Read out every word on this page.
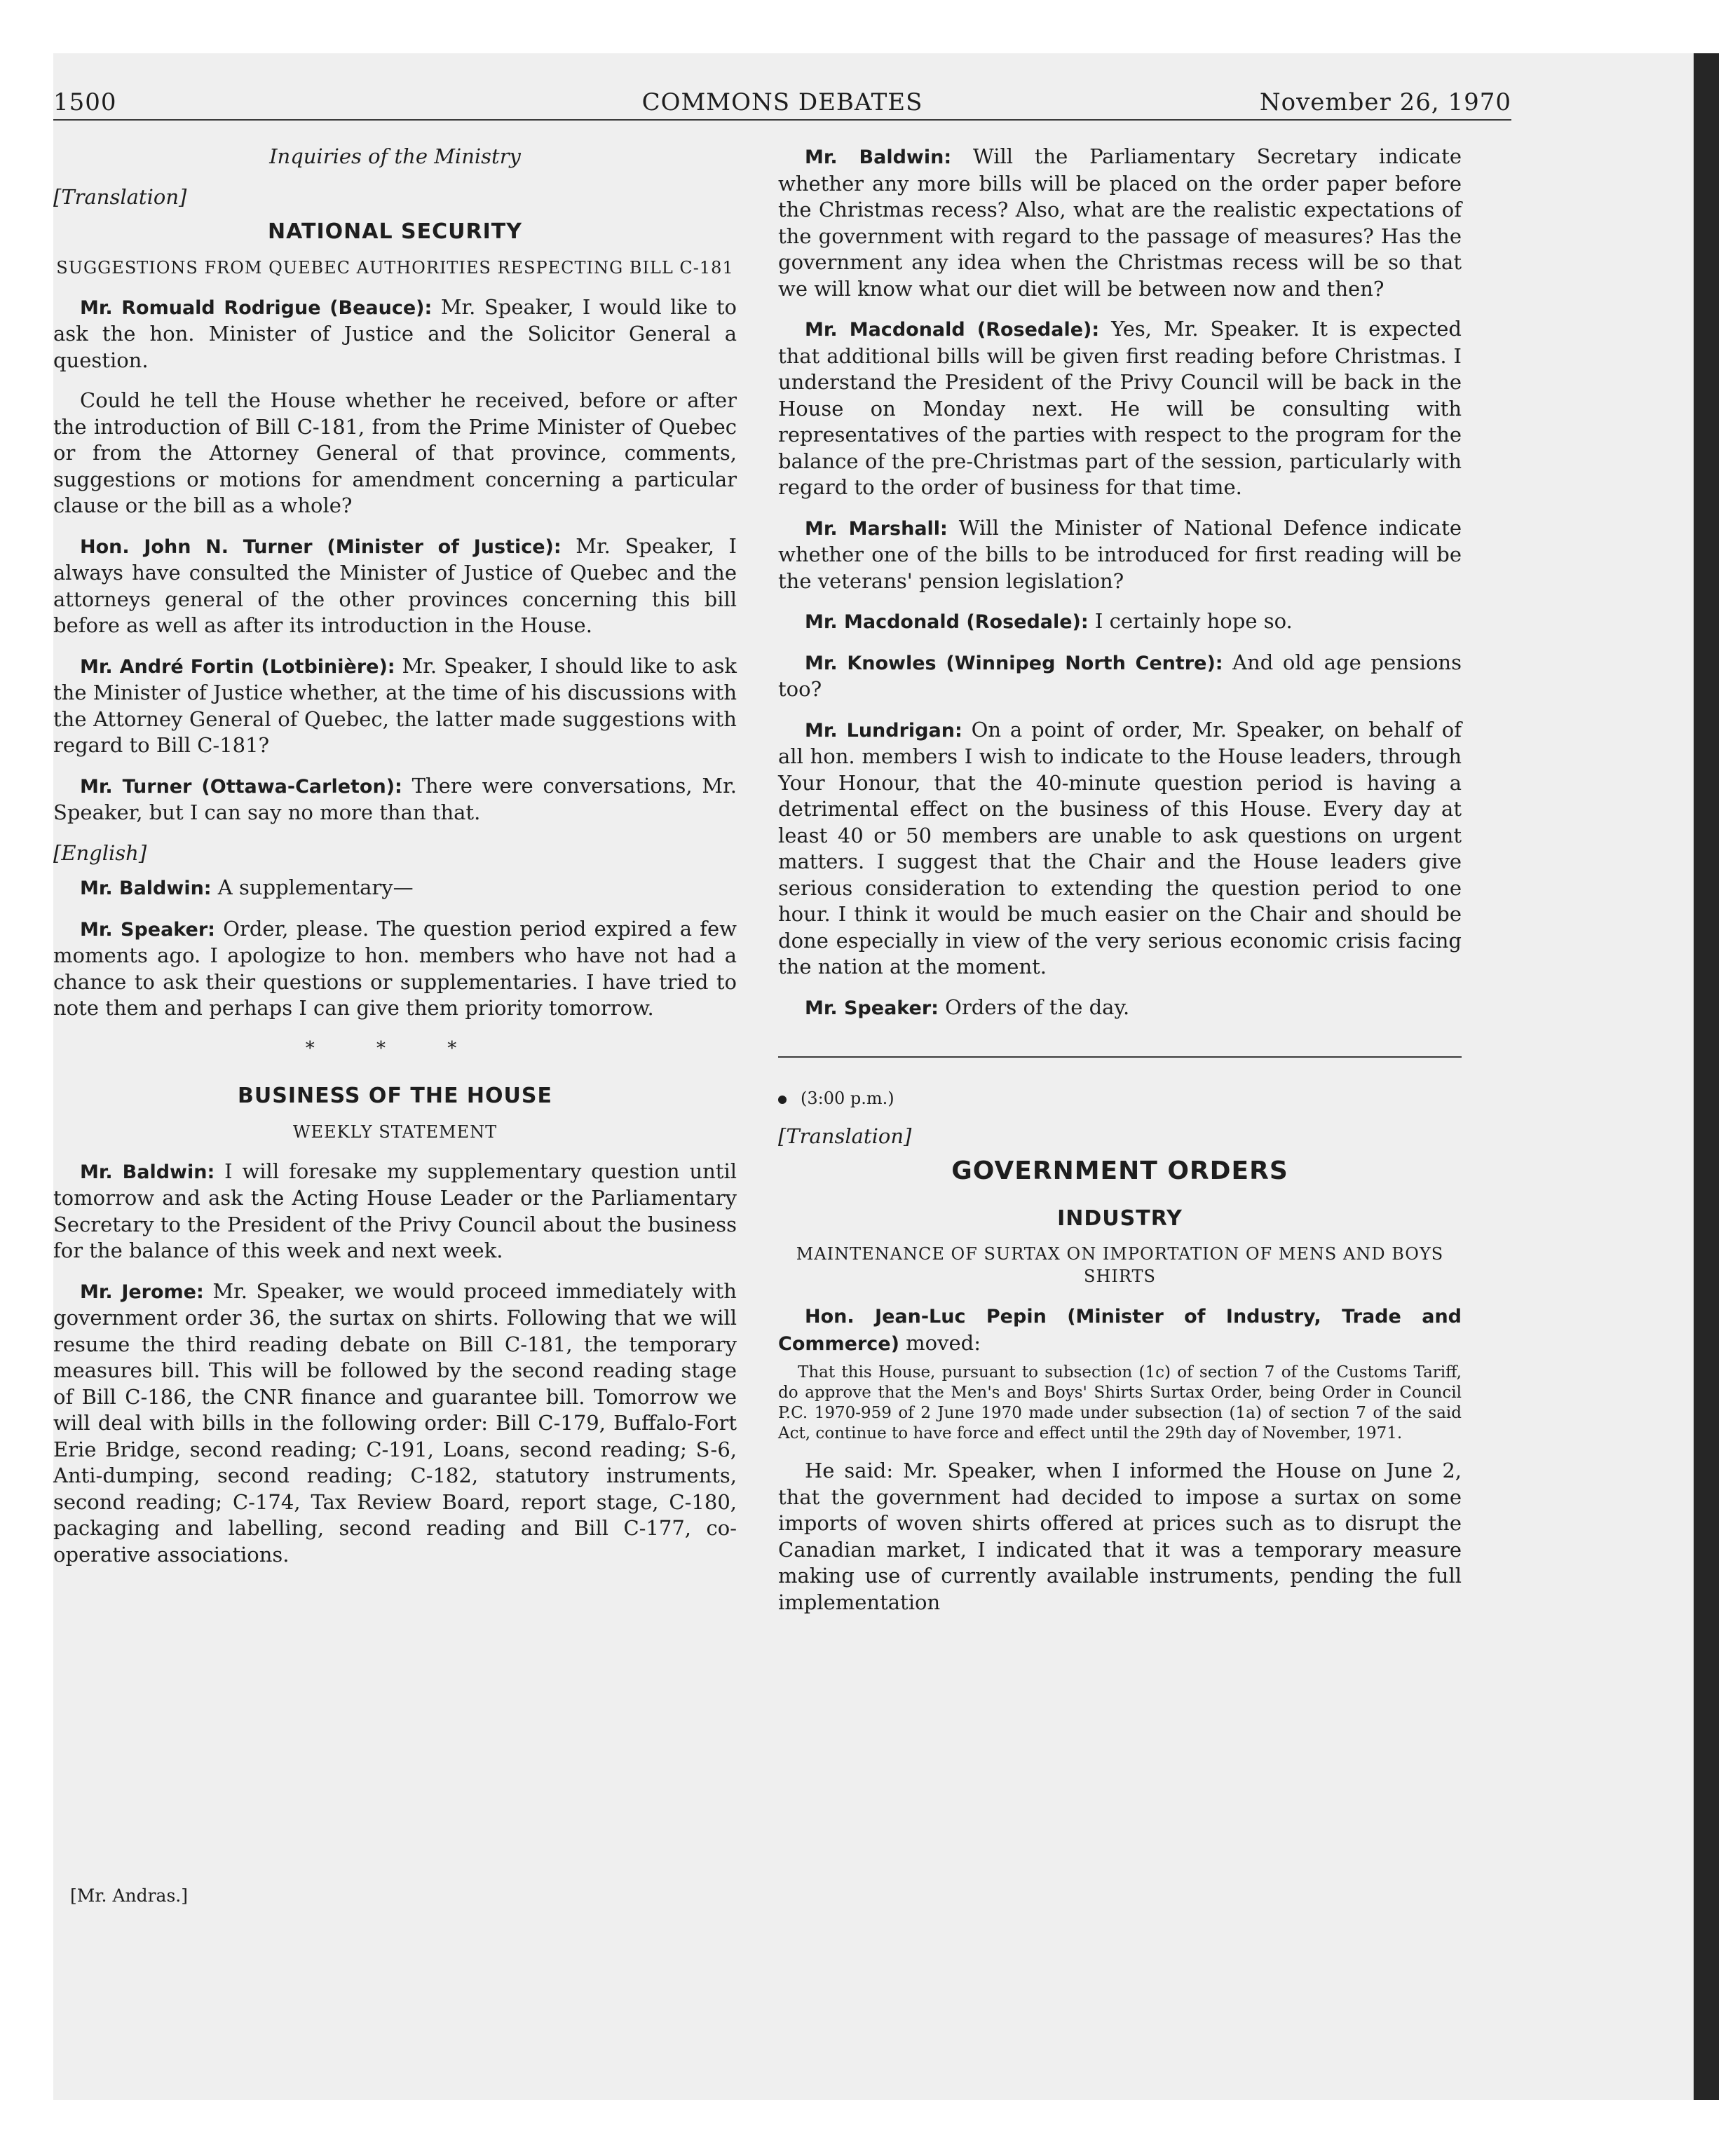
1500	COMMONS DEBATES	November 26, 1970

Inquiries of the Ministry

[Translation]

NATIONAL SECURITY

SUGGESTIONS FROM QUEBEC AUTHORITIES RESPECTING BILL C-181

Mr. Romuald Rodrigue (Beauce): Mr. Speaker, I would like to ask the hon. Minister of Justice and the Solicitor General a question.

Could he tell the House whether he received, before or after the introduction of Bill C-181, from the Prime Minister of Quebec or from the Attorney General of that province, comments, suggestions or motions for amendment concerning a particular clause or the bill as a whole?

Hon. John N. Turner (Minister of Justice): Mr. Speaker, I always have consulted the Minister of Justice of Quebec and the attorneys general of the other provinces concerning this bill before as well as after its introduction in the House.

Mr. André Fortin (Lotbinière): Mr. Speaker, I should like to ask the Minister of Justice whether, at the time of his discussions with the Attorney General of Quebec, the latter made suggestions with regard to Bill C-181?

Mr. Turner (Ottawa-Carleton): There were conversations, Mr. Speaker, but I can say no more than that.

[English]

Mr. Baldwin: A supplementary—

Mr. Speaker: Order, please. The question period expired a few moments ago. I apologize to hon. members who have not had a chance to ask their questions or supplementaries. I have tried to note them and perhaps I can give them priority tomorrow.

* * *

BUSINESS OF THE HOUSE

WEEKLY STATEMENT

Mr. Baldwin: I will foresake my supplementary question until tomorrow and ask the Acting House Leader or the Parliamentary Secretary to the President of the Privy Council about the business for the balance of this week and next week.

Mr. Jerome: Mr. Speaker, we would proceed immediately with government order 36, the surtax on shirts. Following that we will resume the third reading debate on Bill C-181, the temporary measures bill. This will be followed by the second reading stage of Bill C-186, the CNR finance and guarantee bill. Tomorrow we will deal with bills in the following order: Bill C-179, Buffalo-Fort Erie Bridge, second reading; C-191, Loans, second reading; S-6, Anti-dumping, second reading; C-182, statutory instruments, second reading; C-174, Tax Review Board, report stage, C-180, packaging and labelling, second reading and Bill C-177, co-operative associations.

[Mr. Andras.]

Mr. Baldwin: Will the Parliamentary Secretary indicate whether any more bills will be placed on the order paper before the Christmas recess? Also, what are the realistic expectations of the government with regard to the passage of measures? Has the government any idea when the Christmas recess will be so that we will know what our diet will be between now and then?

Mr. Macdonald (Rosedale): Yes, Mr. Speaker. It is expected that additional bills will be given first reading before Christmas. I understand the President of the Privy Council will be back in the House on Monday next. He will be consulting with representatives of the parties with respect to the program for the balance of the pre-Christmas part of the session, particularly with regard to the order of business for that time.

Mr. Marshall: Will the Minister of National Defence indicate whether one of the bills to be introduced for first reading will be the veterans' pension legislation?

Mr. Macdonald (Rosedale): I certainly hope so.

Mr. Knowles (Winnipeg North Centre): And old age pensions too?

Mr. Lundrigan: On a point of order, Mr. Speaker, on behalf of all hon. members I wish to indicate to the House leaders, through Your Honour, that the 40-minute question period is having a detrimental effect on the business of this House. Every day at least 40 or 50 members are unable to ask questions on urgent matters. I suggest that the Chair and the House leaders give serious consideration to extending the question period to one hour. I think it would be much easier on the Chair and should be done especially in view of the very serious economic crisis facing the nation at the moment.

Mr. Speaker: Orders of the day.

(3:00 p.m.)

[Translation]

GOVERNMENT ORDERS

INDUSTRY

MAINTENANCE OF SURTAX ON IMPORTATION OF MENS AND BOYS SHIRTS

Hon. Jean-Luc Pepin (Minister of Industry, Trade and Commerce) moved:

That this House, pursuant to subsection (1c) of section 7 of the Customs Tariff, do approve that the Men's and Boys' Shirts Surtax Order, being Order in Council P.C. 1970-959 of 2 June 1970 made under subsection (1a) of section 7 of the said Act, continue to have force and effect until the 29th day of November, 1971.

He said: Mr. Speaker, when I informed the House on June 2, that the government had decided to impose a surtax on some imports of woven shirts offered at prices such as to disrupt the Canadian market, I indicated that it was a temporary measure making use of currently available instruments, pending the full implementation
